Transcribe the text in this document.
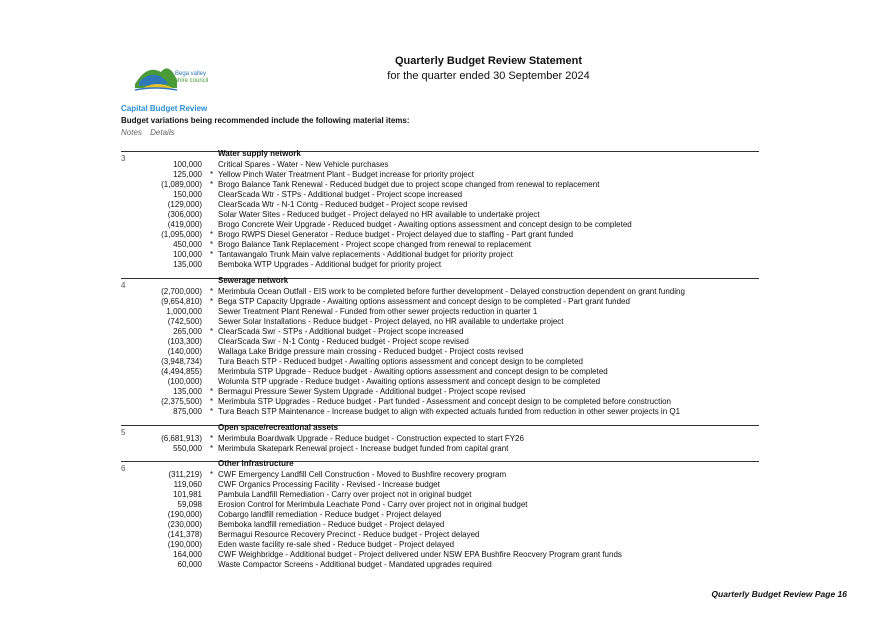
Bega valley
shire council
Quarterly Budget Review Statement
for the quarter ended 30 September 2024
Capital Budget Review
Budget variations being recommended include the following material items:
Notes Details
3
Water supply network
100,000 Critical Spares - Water - New Vehicle purchases
125,000 * Yellow Pinch Water Treatment Plant - Budget increase for priority project
(1,089,000) * Brogo Balance Tank Renewal - Reduced budget due to project scope changed from renewal to replacement
150,000 ClearScada Wtr - STPs - Additional budget - Project scope increased
(129,000) ClearScada Wtr - N-1 Contg - Reduced budget - Project scope revised
(306,000) Solar Water Sites - Reduced budget - Project delayed no HR available to undertake project
(419,000) Brogo Concrete Weir Upgrade - Reduced budget - Awaiting options assessment and concept design to be completed
(1,095,000) * Brogo RWPS Diesel Generator - Reduce budget - Project delayed due to staffing - Part grant funded
450,000 * Brogo Balance Tank Replacement - Project scope changed from renewal to replacement
100,000 * Tantawangalo Trunk Main valve replacements - Additional budget for priority project
135,000 Bemboka WTP Upgrades - Additional budget for priority project
4
Sewerage network
(2,700,000) * Merimbula Ocean Outfall - EIS work to be completed before further development - Delayed construction dependent on grant funding
(9,654,810) * Bega STP Capacity Upgrade - Awaiting options assessment and concept design to be completed - Part grant funded
1,000,000 Sewer Treatment Plant Renewal - Funded from other sewer projects reduction in quarter 1
(742,500) Sewer Solar Installations - Reduce budget - Project delayed, no HR available to undertake project
265,000 * ClearScada Swr - STPs - Additional budget - Project scope increased
(103,300) ClearScada Swr - N-1 Contg - Reduced budget - Project scope revised
(140,000) Wallaga Lake Bridge pressure main crossing - Reduced budget - Project costs revised
(3,948,734) Tura Beach STP - Reduced budget - Awaiting options assessment and concept design to be completed
(4,494,855) Merimbula STP Upgrade - Reduce budget - Awaiting options assessment and concept design to be completed
(100,000) Wolumla STP upgrade - Reduce budget - Awaiting options assessment and concept design to be completed
135,000 * Bermagui Pressure Sewer System Upgrade - Additional budget - Project scope revised
(2,375,500) * Merimbula STP Upgrades - Reduce budget - Part funded - Assessment and concept design to be completed before construction
875,000 * Tura Beach STP Maintenance - Increase budget to align with expected actuals funded from reduction in other sewer projects in Q1
5
Open space/recreational assets
(6,681,913) * Merimbula Boardwalk Upgrade - Reduce budget - Construction expected to start FY26
550,000 * Merimbula Skatepark Renewal project - Increase budget funded from capital grant
6
Other infrastructure
(311,219) * CWF Emergency Landfill Cell Construction - Moved to Bushfire recovery program
119,060 CWF Organics Processing Facility - Revised - Increase budget
101,981 Pambula Landfill Remediation - Carry over project not in original budget
59,098 Erosion Control for Merimbula Leachate Pond - Carry over project not in original budget
(190,000) Cobargo landfill remediation - Reduce budget - Project delayed
(230,000) Bemboka landfill remediation - Reduce budget - Project delayed
(141,378) Bermagui Resource Recovery Precinct - Reduce budget - Project delayed
(190,000) Eden waste facility re-sale shed - Reduce budget - Project delayed
164,000 CWF Weighbridge - Additional budget - Project delivered under NSW EPA Bushfire Reocvery Program grant funds
60,000 Waste Compactor Screens - Additional budget - Mandated upgrades required
Quarterly Budget Review Page 16
